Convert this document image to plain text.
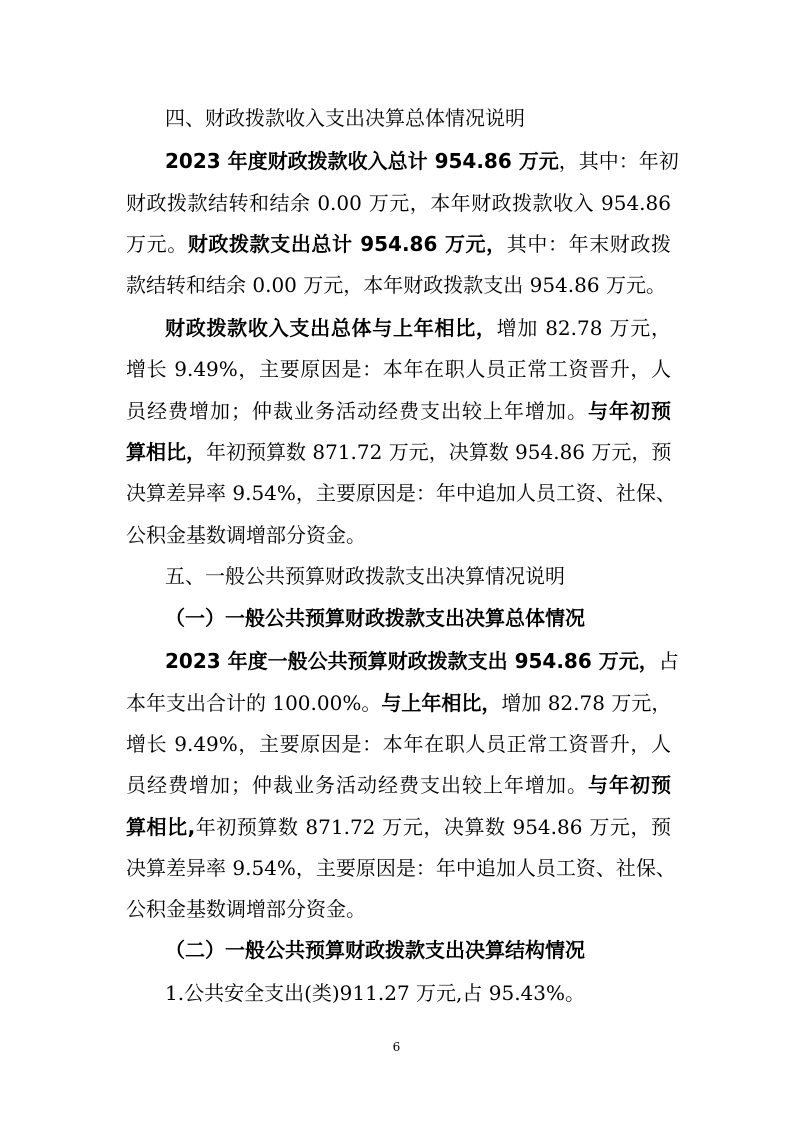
四、财政拨款收入支出决算总体情况说明
2023 年度财政拨款收入总计 954.86 万元，其中：年初
财政拨款结转和结余 0.00 万元，本年财政拨款收入 954.86
万元。财政拨款支出总计 954.86 万元，其中：年末财政拨
款结转和结余 0.00 万元，本年财政拨款支出 954.86 万元。
财政拨款收入支出总体与上年相比，增加 82.78 万元，
增长 9.49%，主要原因是：本年在职人员正常工资晋升，人
员经费增加；仲裁业务活动经费支出较上年增加。与年初预
算相比，年初预算数 871.72 万元，决算数 954.86 万元，预
决算差异率 9.54%，主要原因是：年中追加人员工资、社保、
公积金基数调增部分资金。
五、一般公共预算财政拨款支出决算情况说明
（一）一般公共预算财政拨款支出决算总体情况
2023 年度一般公共预算财政拨款支出 954.86 万元，占
本年支出合计的 100.00%。与上年相比，增加 82.78 万元，
增长 9.49%，主要原因是：本年在职人员正常工资晋升，人
员经费增加；仲裁业务活动经费支出较上年增加。与年初预
算相比,年初预算数 871.72 万元，决算数 954.86 万元，预
决算差异率 9.54%，主要原因是：年中追加人员工资、社保、
公积金基数调增部分资金。
（二）一般公共预算财政拨款支出决算结构情况
1.公共安全支出(类)911.27 万元,占 95.43%。
6
